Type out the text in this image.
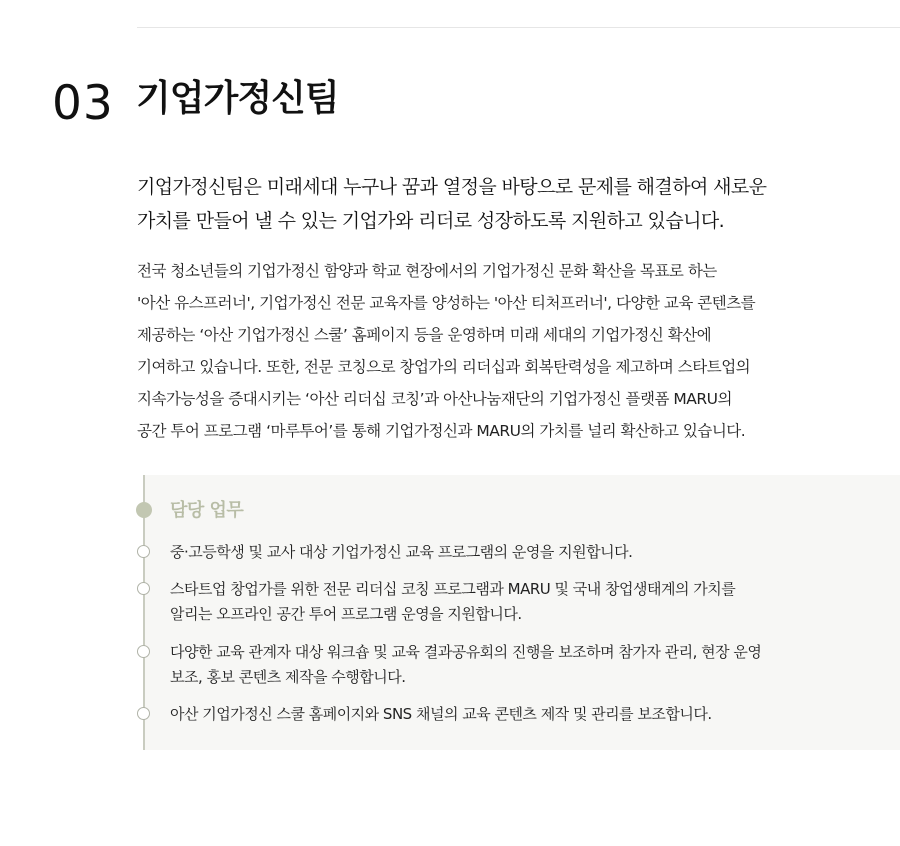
03 기업가정신팀

기업가정신팀은 미래세대 누구나 꿈과 열정을 바탕으로 문제를 해결하여 새로운

가치를 만들어 낼 수 있는 기업가와 리더로 성장하도록 지원하고 있습니다.

전국 청소년들의 기업가정신 함양과 학교 현장에서의 기업가정신 문화 확산을 목표로 하는

'아산 유스프러너', 기업가정신 전문 교육자를 양성하는 '아산 티처프러너', 다양한 교육 콘텐츠를

제공하는 ‘아산 기업가정신 스쿨’ 홈페이지 등을 운영하며 미래 세대의 기업가정신 확산에

기여하고 있습니다. 또한, 전문 코칭으로 창업가의 리더십과 회복탄력성을 제고하며 스타트업의

지속가능성을 증대시키는 ‘아산 리더십 코칭’과 아산나눔재단의 기업가정신 플랫폼 MARU의

공간 투어 프로그램 ‘마루투어’를 통해 기업가정신과 MARU의 가치를 널리 확산하고 있습니다.

담당 업무

중·고등학생 및 교사 대상 기업가정신 교육 프로그램의 운영을 지원합니다.

스타트업 창업가를 위한 전문 리더십 코칭 프로그램과 MARU 및 국내 창업생태계의 가치를

알리는 오프라인 공간 투어 프로그램 운영을 지원합니다.

다양한 교육 관계자 대상 워크숍 및 교육 결과공유회의 진행을 보조하며 참가자 관리, 현장 운영

보조, 홍보 콘텐츠 제작을 수행합니다.

아산 기업가정신 스쿨 홈페이지와 SNS 채널의 교육 콘텐츠 제작 및 관리를 보조합니다.
